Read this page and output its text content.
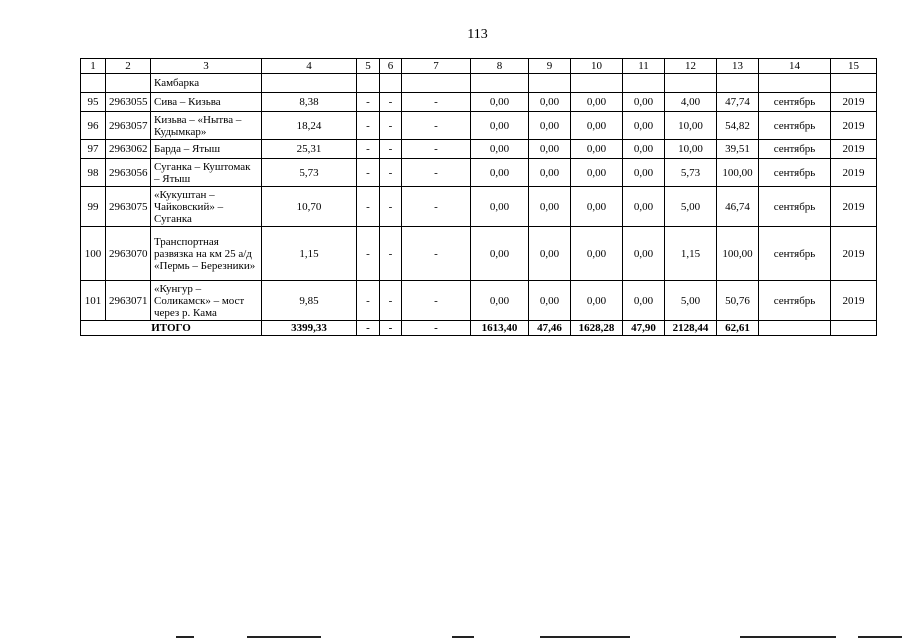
113
1	2	3	4	5	6	7	8	9	10	11	12	13	14	15
		Камбарка												
95	2963055	Сива – Кизьва	8,38	-	-	-	0,00	0,00	0,00	0,00	4,00	47,74	сентябрь	2019
96	2963057	Кизьва – «Нытва – Кудымкар»	18,24	-	-	-	0,00	0,00	0,00	0,00	10,00	54,82	сентябрь	2019
97	2963062	Барда – Ятыш	25,31	-	-	-	0,00	0,00	0,00	0,00	10,00	39,51	сентябрь	2019
98	2963056	Суганка – Куштомак – Ятыш	5,73	-	-	-	0,00	0,00	0,00	0,00	5,73	100,00	сентябрь	2019
99	2963075	«Кукуштан – Чайковский» – Суганка	10,70	-	-	-	0,00	0,00	0,00	0,00	5,00	46,74	сентябрь	2019
100	2963070	Транспортная развязка на км 25 а/д «Пермь – Березники»	1,15	-	-	-	0,00	0,00	0,00	0,00	1,15	100,00	сентябрь	2019
101	2963071	«Кунгур – Соликамск» – мост через р. Кама	9,85	-	-	-	0,00	0,00	0,00	0,00	5,00	50,76	сентябрь	2019
ИТОГО			3399,33	-	-	-	1613,40	47,46	1628,28	47,90	2128,44	62,61		
